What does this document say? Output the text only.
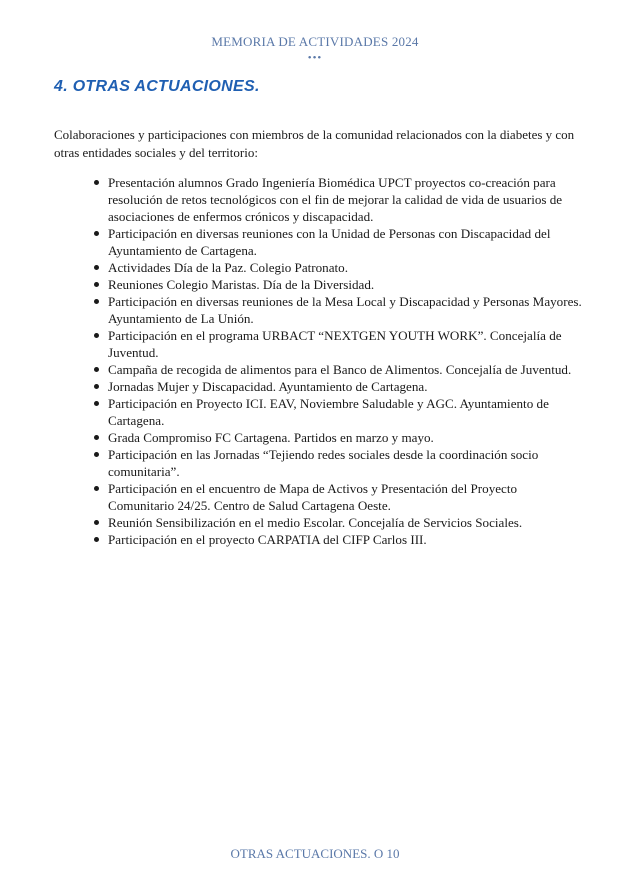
MEMORIA DE ACTIVIDADES 2024
•••
4. OTRAS ACTUACIONES.
Colaboraciones y participaciones con miembros de la comunidad relacionados con la diabetes y con otras entidades sociales y del territorio:
Presentación alumnos Grado Ingeniería Biomédica UPCT proyectos co-creación para resolución de retos tecnológicos con el fin de mejorar la calidad de vida de usuarios de asociaciones de enfermos crónicos y discapacidad.
Participación en diversas reuniones con la Unidad de Personas con Discapacidad del Ayuntamiento de Cartagena.
Actividades Día de la Paz. Colegio Patronato.
Reuniones Colegio Maristas. Día de la Diversidad.
Participación en diversas reuniones de la Mesa Local y Discapacidad y Personas Mayores. Ayuntamiento de La Unión.
Participación en el programa URBACT “NEXTGEN YOUTH WORK”. Concejalía de Juventud.
Campaña de recogida de alimentos para el Banco de Alimentos. Concejalía de Juventud.
Jornadas Mujer y Discapacidad. Ayuntamiento de Cartagena.
Participación en Proyecto ICI. EAV, Noviembre Saludable y AGC. Ayuntamiento de Cartagena.
Grada Compromiso FC Cartagena. Partidos en marzo y mayo.
Participación en las Jornadas “Tejiendo redes sociales desde la coordinación socio comunitaria”.
Participación en el encuentro de Mapa de Activos y Presentación del Proyecto Comunitario 24/25. Centro de Salud Cartagena Oeste.
Reunión Sensibilización en el medio Escolar. Concejalía de Servicios Sociales.
Participación en el proyecto CARPATIA del CIFP Carlos III.
OTRAS ACTUACIONES. O 10
